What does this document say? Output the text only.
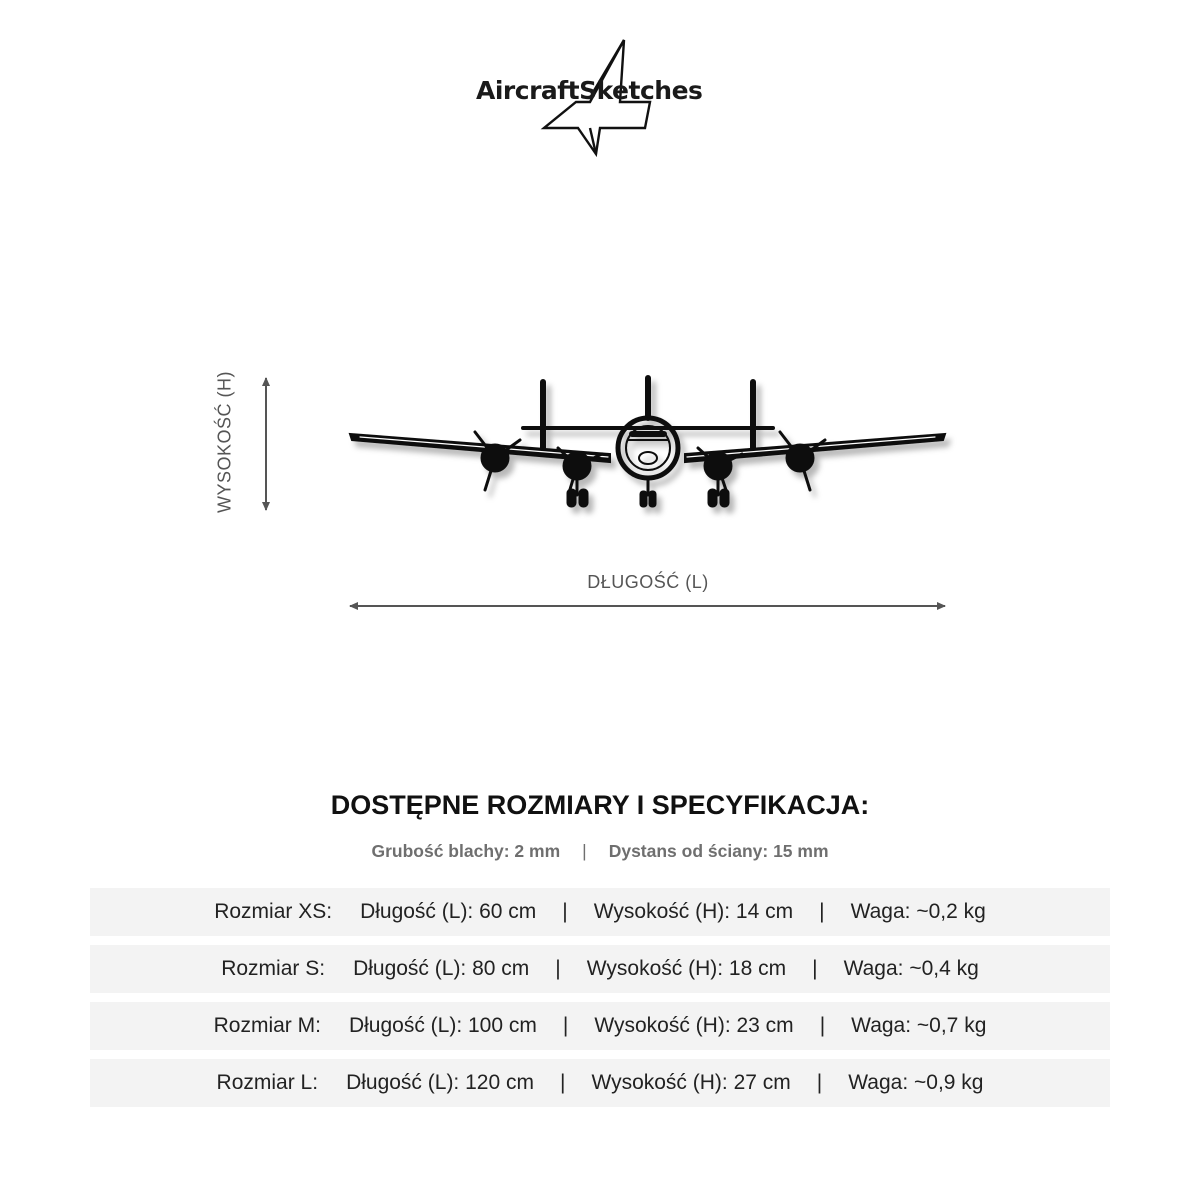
AircraftSketches
WYSOKOŚĆ (H)
DŁUGOŚĆ (L)
DOSTĘPNE ROZMIARY I SPECYFIKACJA:
Grubość blachy: 2 mm | Dystans od ściany: 15 mm
Rozmiar XS: Długość (L): 60 cm | Wysokość (H): 14 cm | Waga: ~0,2 kg
Rozmiar S: Długość (L): 80 cm | Wysokość (H): 18 cm | Waga: ~0,4 kg
Rozmiar M: Długość (L): 100 cm | Wysokość (H): 23 cm | Waga: ~0,7 kg
Rozmiar L: Długość (L): 120 cm | Wysokość (H): 27 cm | Waga: ~0,9 kg
